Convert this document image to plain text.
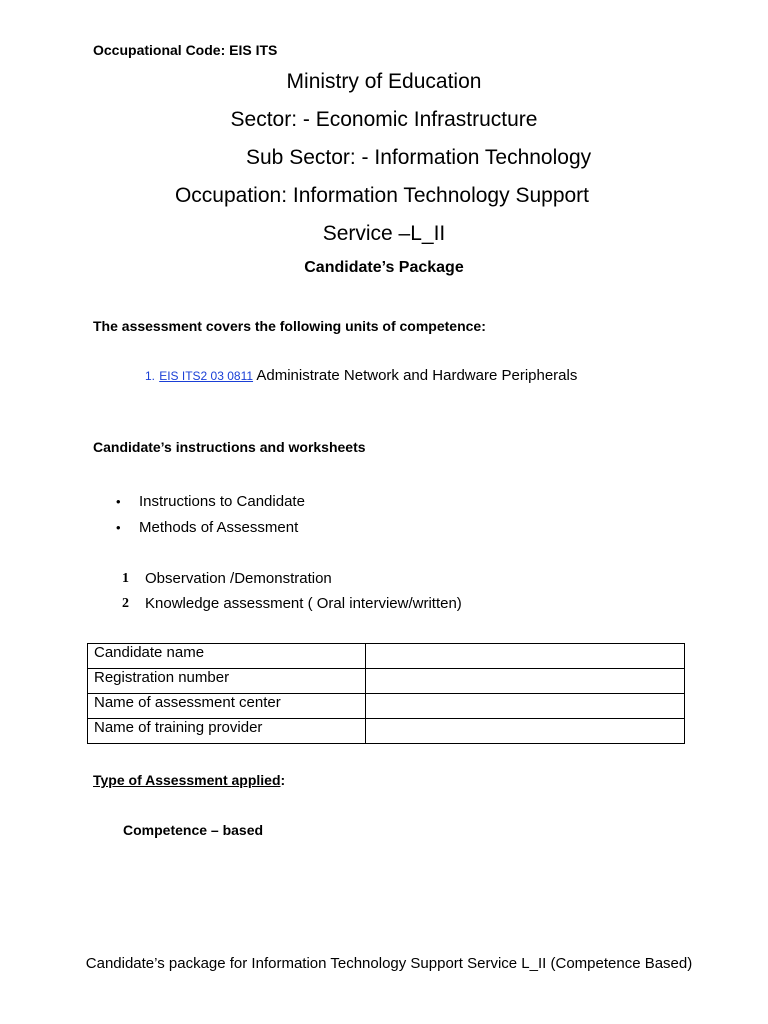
Occupational Code: EIS ITS
Ministry of Education
Sector: - Economic Infrastructure
Sub Sector: - Information Technology
Occupation: Information Technology Support
Service –L_II
Candidate’s Package
The assessment covers the following units of competence:
1. EIS ITS2 03 0811 Administrate Network and Hardware Peripherals
Candidate’s instructions and worksheets
•	Instructions to Candidate
•	Methods of Assessment
1	Observation /Demonstration
2	Knowledge assessment ( Oral interview/written)
Candidate name	
Registration number	
Name of assessment center	
Name of training provider	
Type of Assessment applied:
Competence – based
Candidate’s package for Information Technology Support Service L_II (Competence Based)
